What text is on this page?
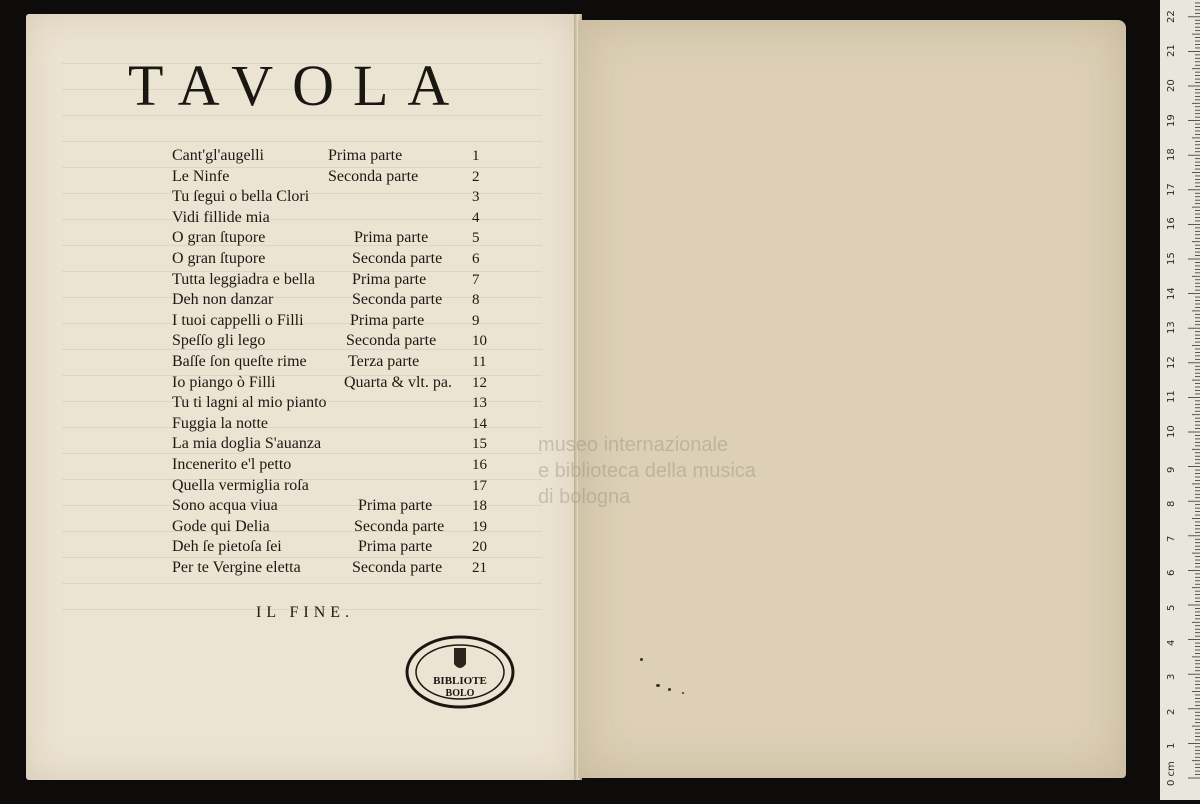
TAVOLA
Cant'gl'augelli	Prima parte	1
Le Ninfe	Seconda parte	2
Tu ſegui o bella Clori	3
Vidi fillide mia	4
O gran ſtupore	Prima parte	5
O gran ſtupore	Seconda parte 6
Tutta leggiadra e bella Prima parte	7
Deh non danzar	Seconda parte 8
I tuoi cappelli o Filli	Prima parte	9
Speſſo gli lego	Seconda parte 10
Baſſe ſon queſte rime	Terza parte	11
Io piango ò Filli	Quarta & vlt. pa. 12
Tu ti lagni al mio pianto	13
Fuggia la notte	14
La mia doglia S'auanza	15
Incenerito e'l petto	16
Quella vermiglia roſa	17
Sono acqua viua	Prima parte	18
Gode qui Delia	Seconda parte 19
Deh ſe pietoſa ſei	Prima parte	20
Per te Vergine eletta	Seconda parte 21
IL FINE.
BIBLIOTE
BOLO
museo internazionale
e biblioteca della musica
di bologna
0 cm
1
2
3
4
5
6
7
8
9
10
11
12
13
14
15
16
17
18
19
20
21
22
